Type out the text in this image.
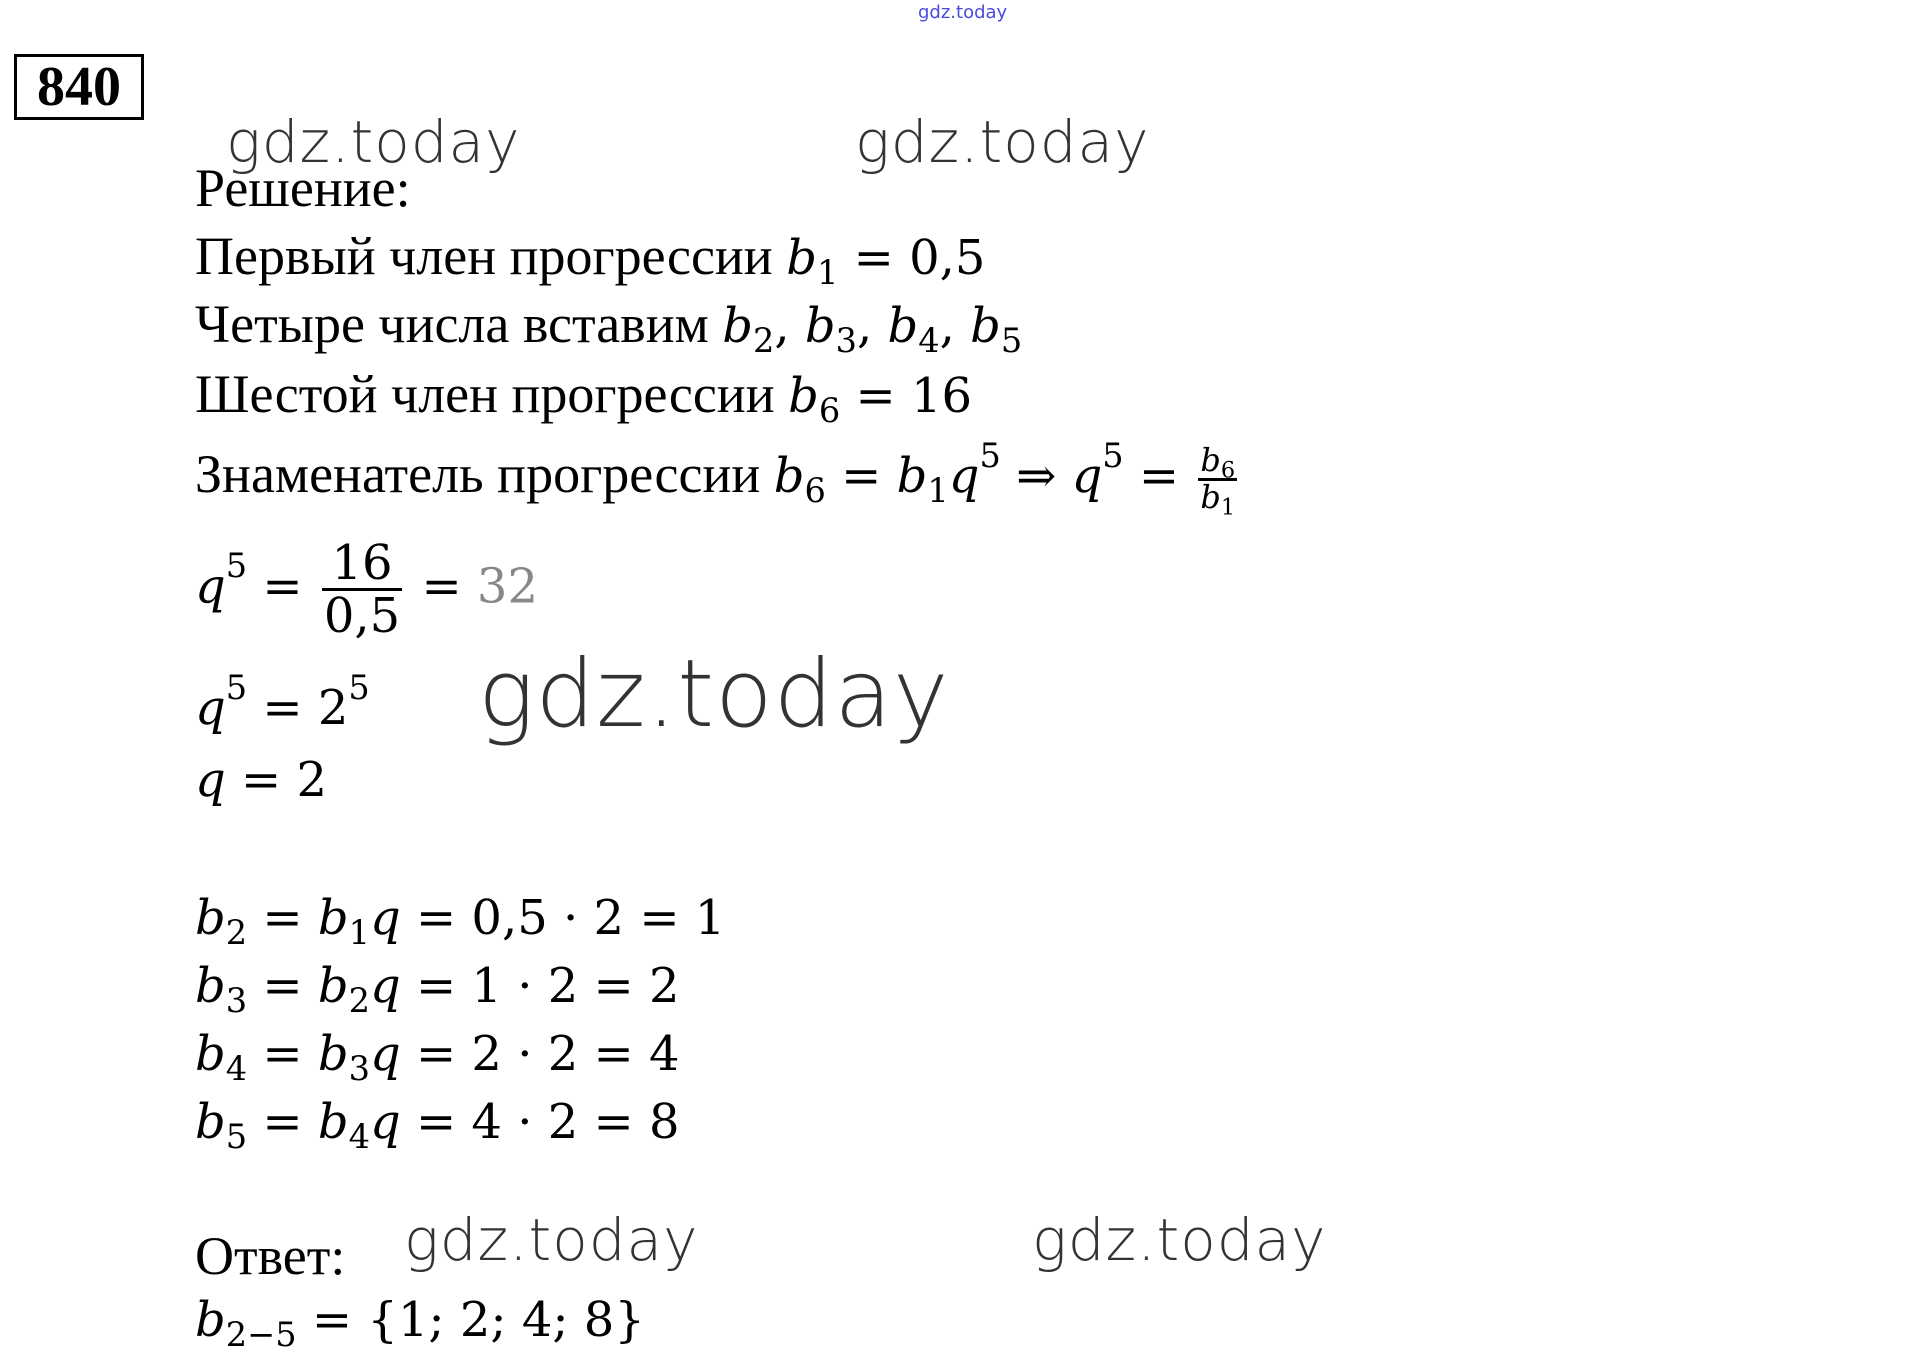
gdz.today
840
gdz.today	gdz.today
Решение:
Первый член прогрессии $b_1 = 0,5$
Четыре числа вставим $b_2$, $b_3$, $b_4$, $b_5$
Шестой член прогрессии $b_6 = 16$
Знаменатель прогрессии $b_6 = b_1q^5$ ⇒ $q^5 = \frac{b_6}{b_1}$
$q^5 = \frac{16}{0,5} = 32$
gdz.today
$q^5 = 2^5$
q = 2
$b_2 = b_1q = 0,5 \cdot 2 = 1$
$b_3 = b_2q = 1 \cdot 2 = 2$
$b_4 = b_3q = 2 \cdot 2 = 4$
$b_5 = b_4q = 4 \cdot 2 = 8$
Ответ: gdz.today	gdz.today
$b_{2-5} = \{1$; 2; 4; 8}
